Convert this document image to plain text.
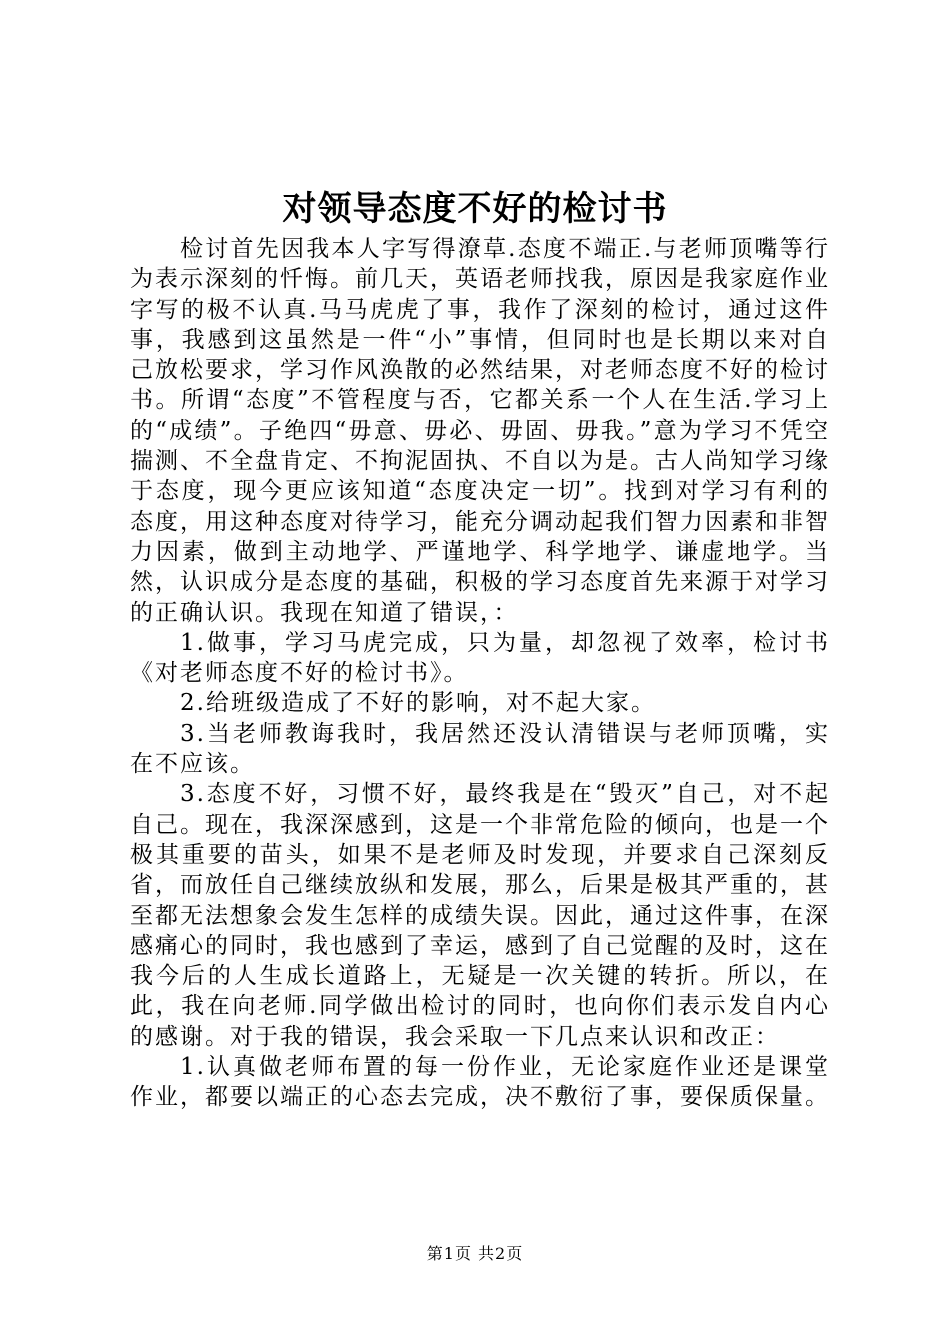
对领导态度不好的检讨书

检讨首先因我本人字写得潦草.态度不端正.与老师顶嘴等行为表示深刻的忏悔。前几天，英语老师找我，原因是我家庭作业字写的极不认真.马马虎虎了事，我作了深刻的检讨，通过这件事，我感到这虽然是一件“小”事情，但同时也是长期以来对自己放松要求，学习作风涣散的必然结果，对老师态度不好的检讨书。所谓“态度”不管程度与否，它都关系一个人在生活.学习上的“成绩”。子绝四“毋意、毋必、毋固、毋我。”意为学习不凭空揣测、不全盘肯定、不拘泥固执、不自以为是。古人尚知学习缘于态度，现今更应该知道“态度决定一切”。找到对学习有利的态度，用这种态度对待学习，能充分调动起我们智力因素和非智力因素，做到主动地学、严谨地学、科学地学、谦虚地学。当然，认识成分是态度的基础，积极的学习态度首先来源于对学习的正确认识。我现在知道了错误，：

1.做事，学习马虎完成，只为量，却忽视了效率，检讨书《对老师态度不好的检讨书》。

2.给班级造成了不好的影响，对不起大家。

3.当老师教诲我时，我居然还没认清错误与老师顶嘴，实在不应该。

3.态度不好，习惯不好，最终我是在“毁灭”自己，对不起自己。现在，我深深感到，这是一个非常危险的倾向，也是一个极其重要的苗头，如果不是老师及时发现，并要求自己深刻反省，而放任自己继续放纵和发展，那么，后果是极其严重的，甚至都无法想象会发生怎样的成绩失误。因此，通过这件事，在深感痛心的同时，我也感到了幸运，感到了自己觉醒的及时，这在我今后的人生成长道路上，无疑是一次关键的转折。所以，在此，我在向老师.同学做出检讨的同时，也向你们表示发自内心的感谢。对于我的错误，我会采取一下几点来认识和改正：

1.认真做老师布置的每一份作业，无论家庭作业还是课堂作业，都要以端正的心态去完成，决不敷衍了事，要保质保量。

第1页 共2页
